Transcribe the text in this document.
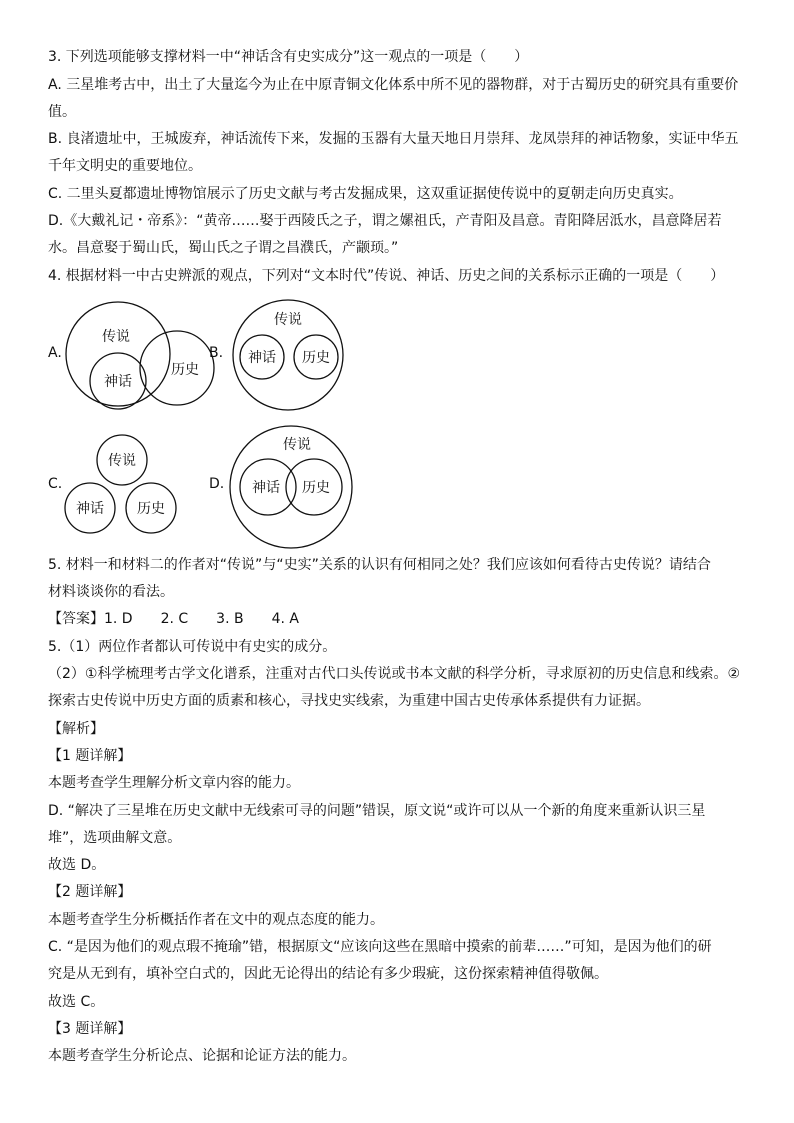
3. 下列选项能够支撑材料一中“神话含有史实成分”这一观点的一项是（　　）
A. 三星堆考古中，出土了大量迄今为止在中原青铜文化体系中所不见的器物群，对于古蜀历史的研究具有重要价
值。
B. 良渚遗址中，王城废弃，神话流传下来，发掘的玉器有大量天地日月崇拜、龙凤崇拜的神话物象，实证中华五
千年文明史的重要地位。
C. 二里头夏都遗址博物馆展示了历史文献与考古发掘成果，这双重证据使传说中的夏朝走向历史真实。
D.《大戴礼记・帝系》：“黄帝……娶于西陵氏之子，谓之嫘祖氏，产青阳及昌意。青阳降居泜水，昌意降居若
水。昌意娶于蜀山氏，蜀山氏之子谓之昌濮氏，产颛顼。”
4. 根据材料一中古史辨派的观点，下列对“文本时代”传说、神话、历史之间的关系标示正确的一项是（　　）
A.
传说
历史
神话
B.
传说
神话 历史
C.
传说
神话 历史
D.
传说
神话 历史
5. 材料一和材料二的作者对“传说”与“史实”关系的认识有何相同之处？我们应该如何看待古史传说？请结合
材料谈谈你的看法。
【答案】1. D　　2. C　　3. B　　4. A
5.（1）两位作者都认可传说中有史实的成分。
（2）①科学梳理考古学文化谱系，注重对古代口头传说或书本文献的科学分析，寻求原初的历史信息和线索。②
探索古史传说中历史方面的质素和核心，寻找史实线索，为重建中国古史传承体系提供有力证据。
【解析】
【1 题详解】
本题考查学生理解分析文章内容的能力。
D. “解决了三星堆在历史文献中无线索可寻的问题”错误，原文说“或许可以从一个新的角度来重新认识三星
堆”，选项曲解文意。
故选 D。
【2 题详解】
本题考查学生分析概括作者在文中的观点态度的能力。
C. “是因为他们的观点瑕不掩瑜”错，根据原文“应该向这些在黑暗中摸索的前辈……”可知，是因为他们的研
究是从无到有，填补空白式的，因此无论得出的结论有多少瑕疵，这份探索精神值得敬佩。
故选 C。
【3 题详解】
本题考查学生分析论点、论据和论证方法的能力。
